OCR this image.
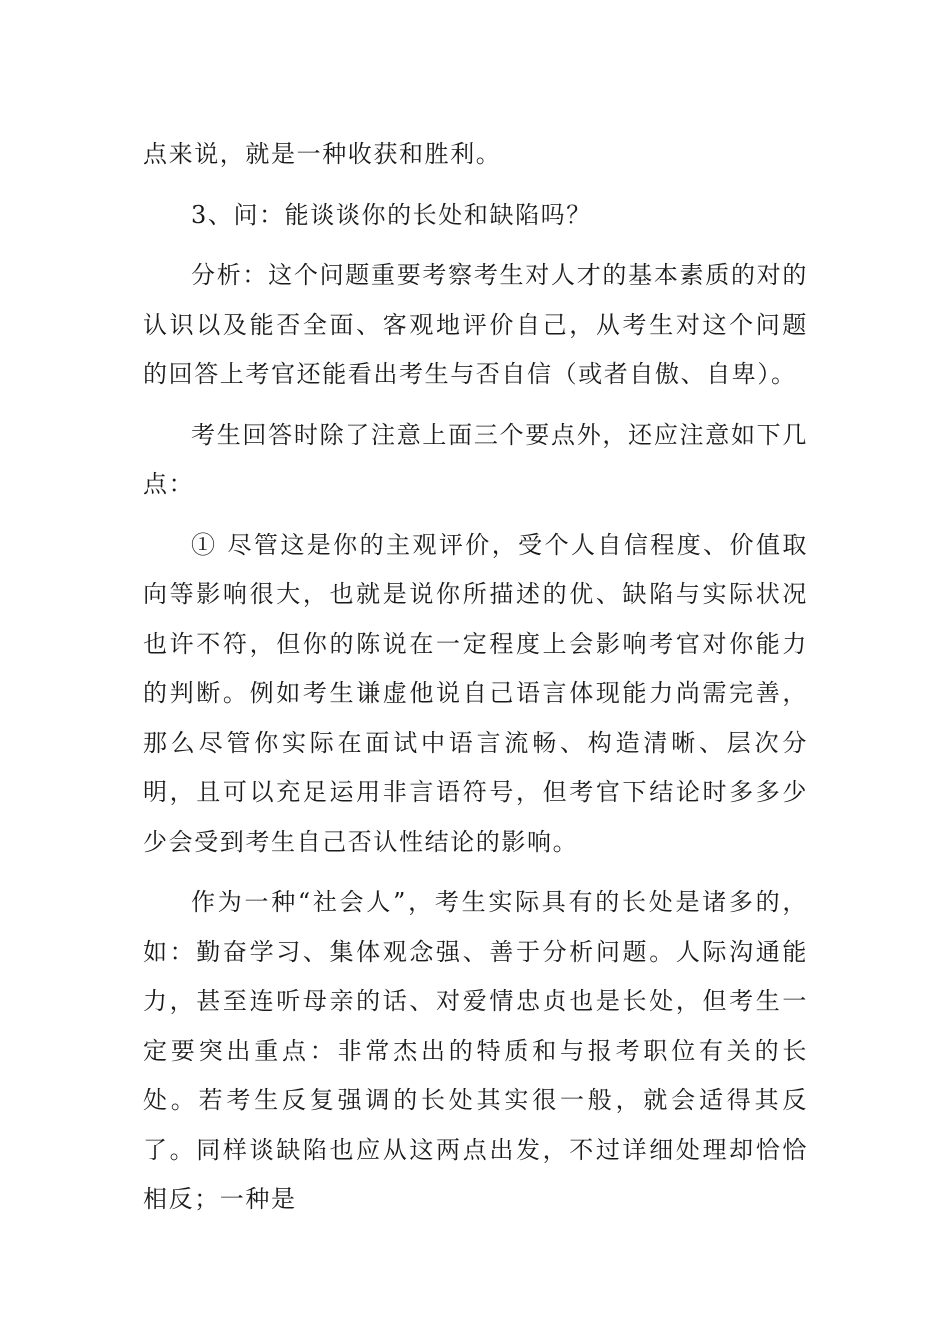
点来说，就是一种收获和胜利。

3、问：能谈谈你的长处和缺陷吗？

分析：这个问题重要考察考生对人才的基本素质的对的认识以及能否全面、客观地评价自己，从考生对这个问题的回答上考官还能看出考生与否自信（或者自傲、自卑）。

考生回答时除了注意上面三个要点外，还应注意如下几点：

① 尽管这是你的主观评价，受个人自信程度、价值取向等影响很大，也就是说你所描述的优、缺陷与实际状况也许不符，但你的陈说在一定程度上会影响考官对你能力的判断。例如考生谦虚他说自己语言体现能力尚需完善，那么尽管你实际在面试中语言流畅、构造清晰、层次分明，且可以充足运用非言语符号，但考官下结论时多多少少会受到考生自己否认性结论的影响。

作为一种“社会人”，考生实际具有的长处是诸多的，如：勤奋学习、集体观念强、善于分析问题。人际沟通能力，甚至连听母亲的话、对爱情忠贞也是长处，但考生一定要突出重点：非常杰出的特质和与报考职位有关的长处。若考生反复强调的长处其实很一般，就会适得其反了。同样谈缺陷也应从这两点出发，不过详细处理却恰恰相反；一种是
